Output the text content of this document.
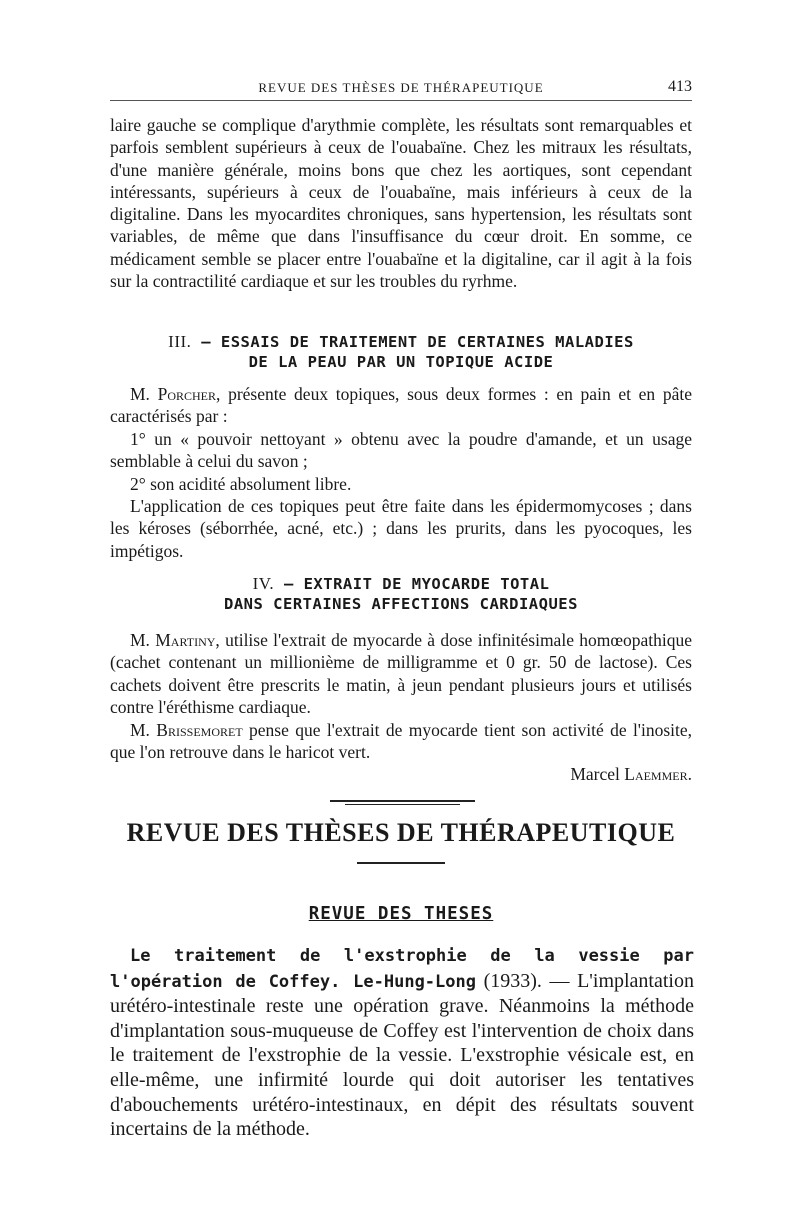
REVUE DES THÈSES DE THÉRAPEUTIQUE	413

laire gauche se complique d'arythmie complète, les résultats sont remarquables et parfois semblent supérieurs à ceux de l'ouabaïne. Chez les mitraux les résultats, d'une manière générale, moins bons que chez les aortiques, sont cependant intéressants, supérieurs à ceux de l'ouabaïne, mais inférieurs à ceux de la digitaline. Dans les myocardites chroniques, sans hypertension, les résultats sont variables, de même que dans l'insuffisance du cœur droit. En somme, ce médicament semble se placer entre l'ouabaïne et la digitaline, car il agit à la fois sur la contractilité cardiaque et sur les troubles du ryrhme.

III. — ESSAIS DE TRAITEMENT DE CERTAINES MALADIES
DE LA PEAU PAR UN TOPIQUE ACIDE

M. Porcher, présente deux topiques, sous deux formes : en pain et en pâte caractérisés par :

1° un « pouvoir nettoyant » obtenu avec la poudre d'amande, et un usage semblable à celui du savon ;

2° son acidité absolument libre.

L'application de ces topiques peut être faite dans les épidermomycoses ; dans les kéroses (séborrhée, acné, etc.) ; dans les prurits, dans les pyocoques, les impétigos.

IV. — EXTRAIT DE MYOCARDE TOTAL
DANS CERTAINES AFFECTIONS CARDIAQUES

M. Martiny, utilise l'extrait de myocarde à dose infinitésimale homœopathique (cachet contenant un millionième de milligramme et 0 gr. 50 de lactose). Ces cachets doivent être prescrits le matin, à jeun pendant plusieurs jours et utilisés contre l'éréthisme cardiaque.

M. Brissemoret pense que l'extrait de myocarde tient son activité de l'inosite, que l'on retrouve dans le haricot vert.

Marcel Laemmer.
REVUE DES THÈSES DE THÉRAPEUTIQUE
REVUE DES THESES

Le traitement de l'exstrophie de la vessie par l'opération de Coffey. Le-Hung-Long (1933). — L'implantation urétéro-intestinale reste une opération grave. Néanmoins la méthode d'implantation sous-muqueuse de Coffey est l'intervention de choix dans le traitement de l'exstrophie de la vessie. L'exstrophie vésicale est, en elle-même, une infirmité lourde qui doit autoriser les tentatives d'abouchements urétéro-intestinaux, en dépit des résultats souvent incertains de la méthode.
